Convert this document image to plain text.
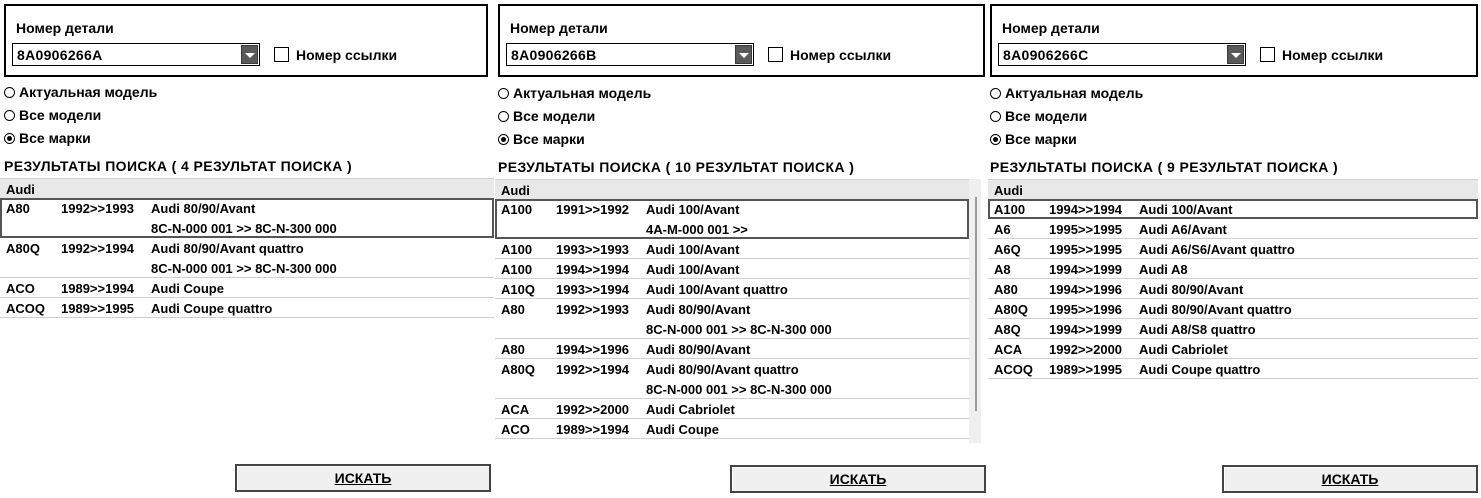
Номер детали
8A0906266A	Номер ссылки
Актуальная модель
Все модели
Все марки
РЕЗУЛЬТАТЫ ПОИСКА ( 4 РЕЗУЛЬТАТ ПОИСКА )
Audi
A80 1992>>1993 Audi 80/90/Avant
8C-N-000 001 >> 8C-N-300 000
A80Q 1992>>1994 Audi 80/90/Avant quattro
8C-N-000 001 >> 8C-N-300 000
ACO 1989>>1994 Audi Coupe
ACOQ 1989>>1995 Audi Coupe quattro
ИСКАТЬ
Номер детали
8A0906266B	Номер ссылки
Актуальная модель
Все модели
Все марки
РЕЗУЛЬТАТЫ ПОИСКА ( 10 РЕЗУЛЬТАТ ПОИСКА )
Audi
A100 1991>>1992 Audi 100/Avant
4A-M-000 001 >>
A100 1993>>1993 Audi 100/Avant
A100 1994>>1994 Audi 100/Avant
A10Q 1993>>1994 Audi 100/Avant quattro
A80 1992>>1993 Audi 80/90/Avant
8C-N-000 001 >> 8C-N-300 000
A80 1994>>1996 Audi 80/90/Avant
A80Q 1992>>1994 Audi 80/90/Avant quattro
8C-N-000 001 >> 8C-N-300 000
ACA 1992>>2000 Audi Cabriolet
ACO 1989>>1994 Audi Coupe
ИСКАТЬ
Номер детали
8A0906266C	Номер ссылки
Актуальная модель
Все модели
Все марки
РЕЗУЛЬТАТЫ ПОИСКА ( 9 РЕЗУЛЬТАТ ПОИСКА )
Audi
A100 1994>>1994 Audi 100/Avant
A6	1995>>1995 Audi A6/Avant
A6Q 1995>>1995 Audi A6/S6/Avant quattro
A8	1994>>1999 Audi A8
A80 1994>>1996 Audi 80/90/Avant
A80Q 1995>>1996 Audi 80/90/Avant quattro
A8Q 1994>>1999 Audi A8/S8 quattro
ACA 1992>>2000 Audi Cabriolet
ACOQ 1989>>1995 Audi Coupe quattro
ИСКАТЬ
